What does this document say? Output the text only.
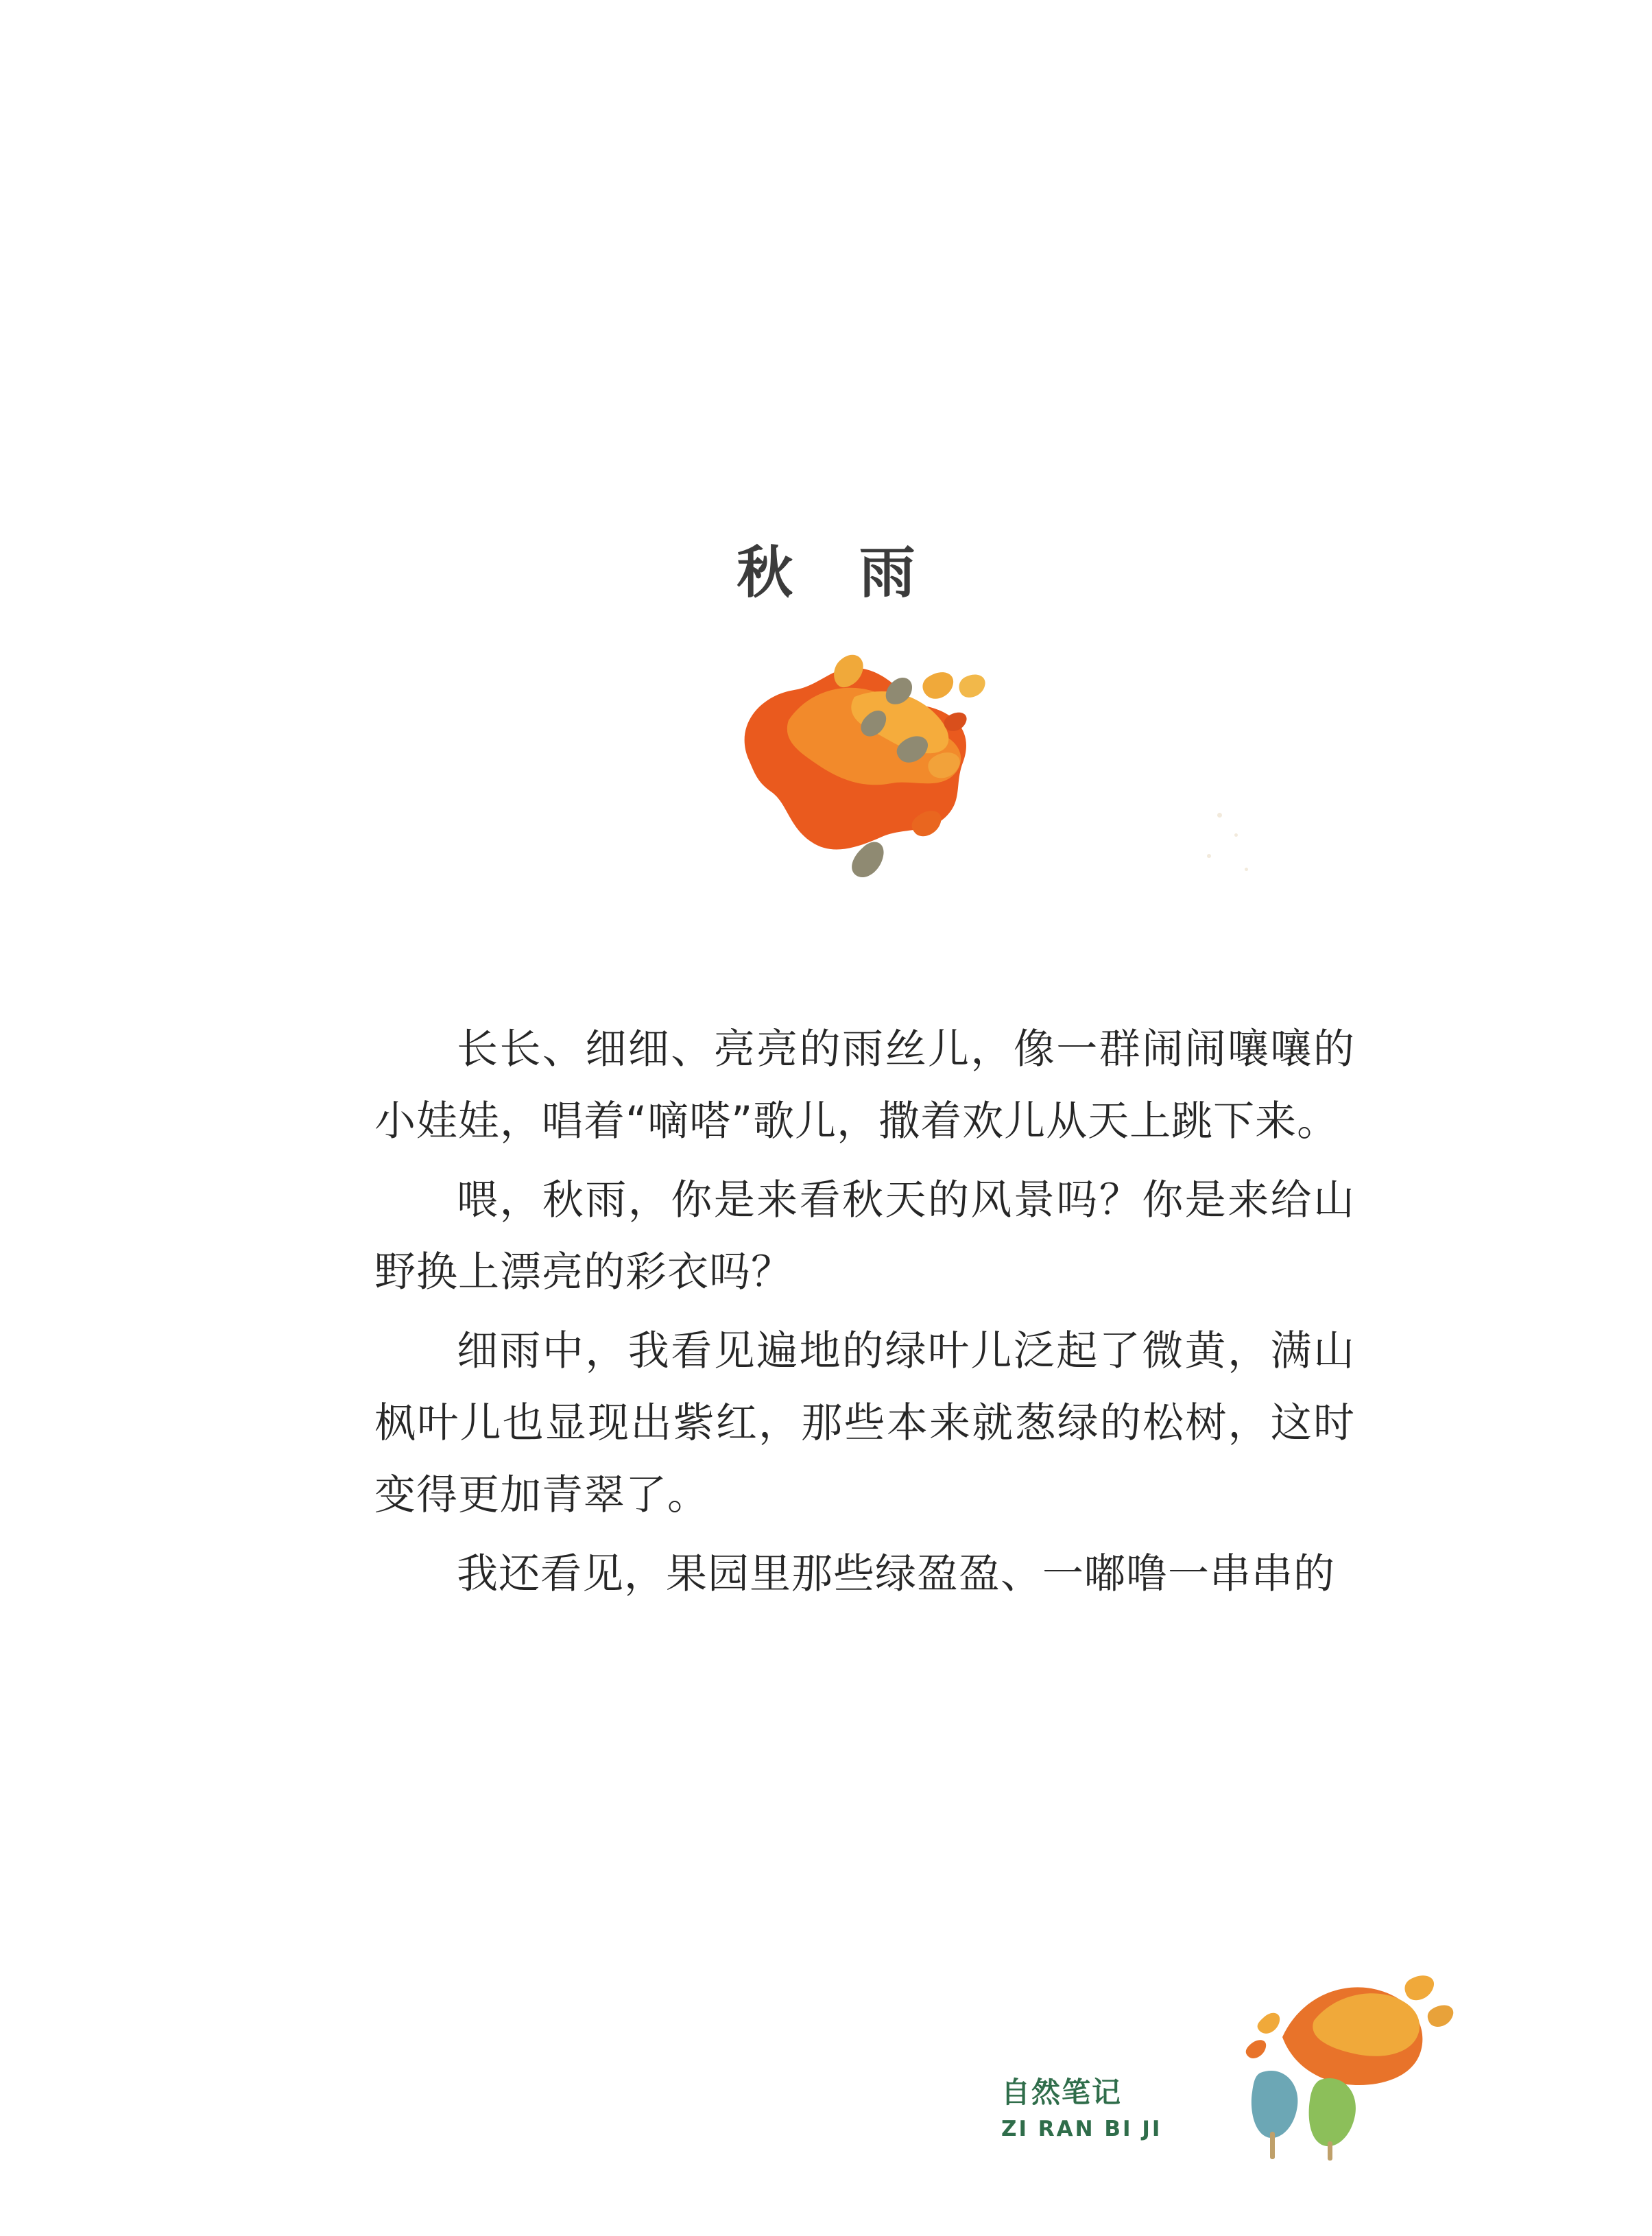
秋 雨

长长、细细、亮亮的雨丝儿，像一群闹闹嚷嚷的小娃娃，唱着“嘀嗒”歌儿，撒着欢儿从天上跳下来。

喂，秋雨，你是来看秋天的风景吗？你是来给山野换上漂亮的彩衣吗？

细雨中，我看见遍地的绿叶儿泛起了微黄，满山枫叶儿也显现出紫红，那些本来就葱绿的松树，这时变得更加青翠了。

我还看见，果园里那些绿盈盈、一嘟噜一串串的

自然笔记
ZI RAN BI JI
